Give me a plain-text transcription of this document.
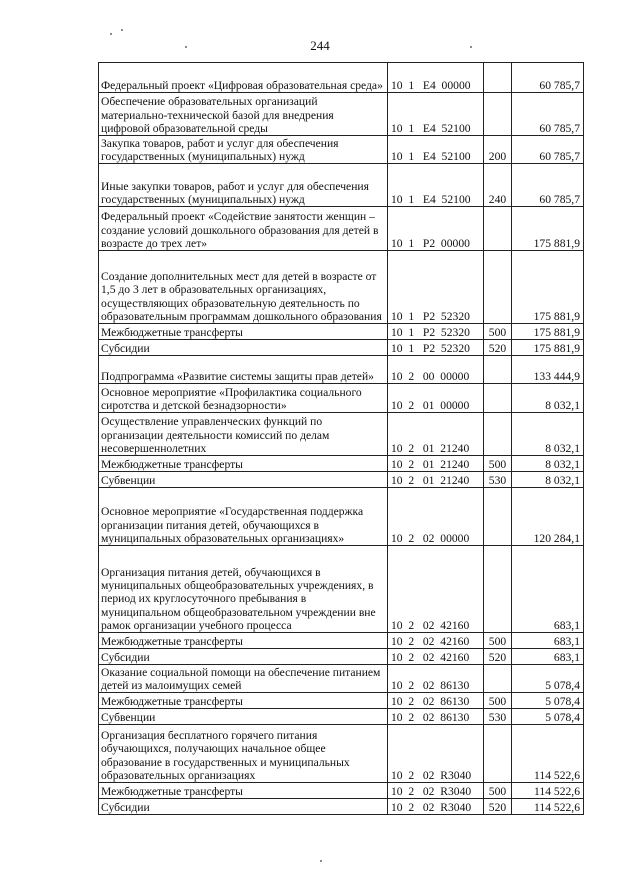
244
Федеральный проект «Цифровая образовательная среда»	10  1   E4  00000		60 785,7
Обеспечение образовательных организаций материально-технической базой для внедрения цифровой образовательной среды	10  1   E4  52100		60 785,7
Закупка товаров, работ и услуг для обеспечения государственных (муниципальных) нужд	10  1   E4  52100	200	60 785,7
Иные закупки товаров, работ и услуг для обеспечения государственных (муниципальных) нужд	10  1   E4  52100	240	60 785,7
Федеральный проект «Содействие занятости женщин – создание условий дошкольного образования для детей в возрасте до трех лет»	10  1   P2  00000		175 881,9
Создание дополнительных мест для детей в возрасте от 1,5 до 3 лет в образовательных организациях, осуществляющих образовательную деятельность по образовательным программам дошкольного образования	10  1   P2  52320		175 881,9
Межбюджетные трансферты	10  1   P2  52320	500	175 881,9
Субсидии	10  1   P2  52320	520	175 881,9
Подпрограмма «Развитие системы защиты прав детей»	10  2   00  00000		133 444,9
Основное мероприятие «Профилактика социального сиротства и детской безнадзорности»	10  2   01  00000		8 032,1
Осуществление управленческих функций по организации деятельности комиссий по делам несовершеннолетних	10  2   01  21240		8 032,1
Межбюджетные трансферты	10  2   01  21240	500	8 032,1
Субвенции	10  2   01  21240	530	8 032,1
Основное мероприятие «Государственная поддержка организации питания детей, обучающихся в муниципальных образовательных организациях»	10  2   02  00000		120 284,1
Организация питания детей, обучающихся в муниципальных общеобразовательных учреждениях, в период их круглосуточного пребывания в муниципальном общеобразовательном учреждении вне рамок организации учебного процесса	10  2   02  42160		683,1
Межбюджетные трансферты	10  2   02  42160	500	683,1
Субсидии	10  2   02  42160	520	683,1
Оказание социальной помощи на обеспечение питанием детей из малоимущих семей	10  2   02  86130		5 078,4
Межбюджетные трансферты	10  2   02  86130	500	5 078,4
Субвенции	10  2   02  86130	530	5 078,4
Организация бесплатного горячего питания обучающихся, получающих начальное общее образование в государственных и муниципальных образовательных организациях	10  2   02  R3040		114 522,6
Межбюджетные трансферты	10  2   02  R3040	500	114 522,6
Субсидии	10  2   02  R3040	520	114 522,6
